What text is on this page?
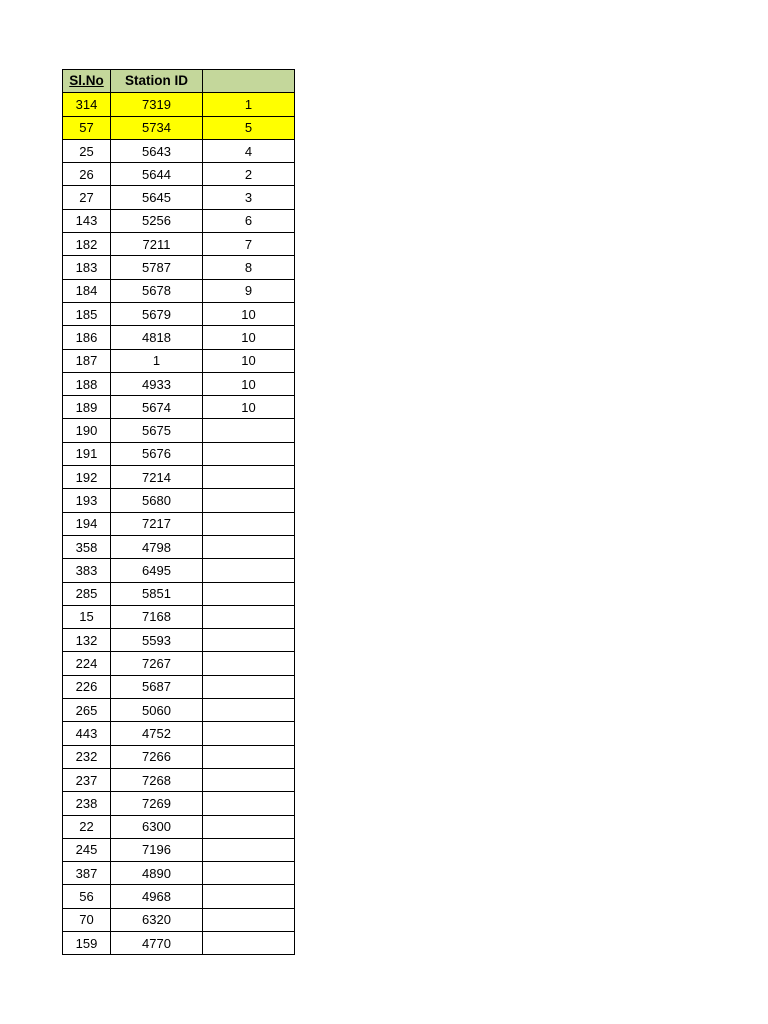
Sl.No	Station ID	
314	7319	1
57	5734	5
25	5643	4
26	5644	2
27	5645	3
143	5256	6
182	7211	7
183	5787	8
184	5678	9
185	5679	10
186	4818	10
187	1	10
188	4933	10
189	5674	10
190	5675	
191	5676	
192	7214	
193	5680	
194	7217	
358	4798	
383	6495	
285	5851	
15	7168	
132	5593	
224	7267	
226	5687	
265	5060	
443	4752	
232	7266	
237	7268	
238	7269	
22	6300	
245	7196	
387	4890	
56	4968	
70	6320	
159	4770	
